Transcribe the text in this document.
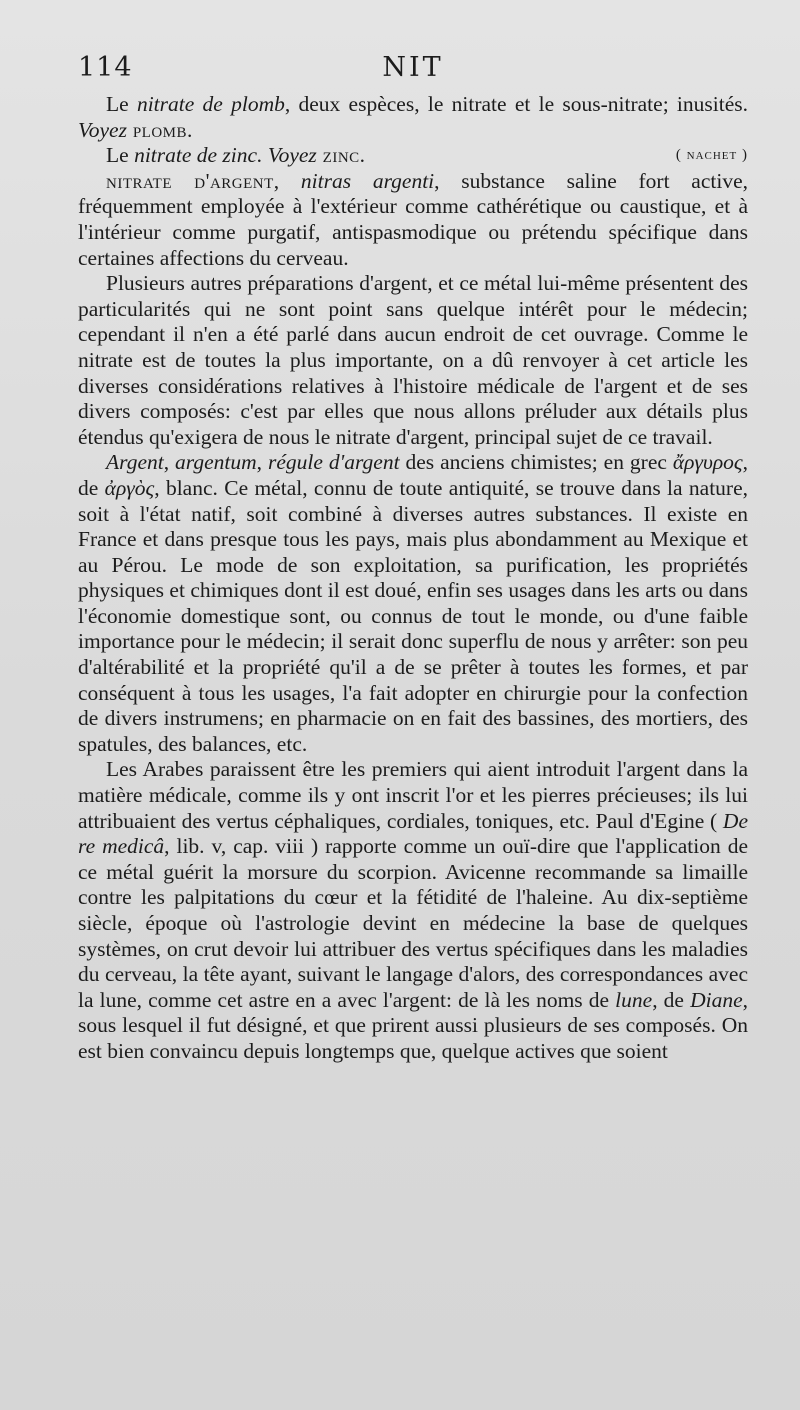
114	NIT

Le nitrate de plomb, deux espèces, le nitrate et le sous-nitrate; inusités. Voyez plomb.

Le nitrate de zinc. Voyez zinc.	( nachet )

nitrate d'argent, nitras argenti, substance saline fort active, fréquemment employée à l'extérieur comme cathérétique ou caustique, et à l'intérieur comme purgatif, antispasmodique ou prétendu spécifique dans certaines affections du cerveau.

Plusieurs autres préparations d'argent, et ce métal lui-même présentent des particularités qui ne sont point sans quelque intérêt pour le médecin; cependant il n'en a été parlé dans aucun endroit de cet ouvrage. Comme le nitrate est de toutes la plus importante, on a dû renvoyer à cet article les diverses considérations relatives à l'histoire médicale de l'argent et de ses divers composés: c'est par elles que nous allons préluder aux détails plus étendus qu'exigera de nous le nitrate d'argent, principal sujet de ce travail.

Argent, argentum, régule d'argent des anciens chimistes; en grec ἄργυρος, de ἀργὸς, blanc. Ce métal, connu de toute antiquité, se trouve dans la nature, soit à l'état natif, soit combiné à diverses autres substances. Il existe en France et dans presque tous les pays, mais plus abondamment au Mexique et au Pérou. Le mode de son exploitation, sa purification, les propriétés physiques et chimiques dont il est doué, enfin ses usages dans les arts ou dans l'économie domestique sont, ou connus de tout le monde, ou d'une faible importance pour le médecin; il serait donc superflu de nous y arrêter: son peu d'altérabilité et la propriété qu'il a de se prêter à toutes les formes, et par conséquent à tous les usages, l'a fait adopter en chirurgie pour la confection de divers instrumens; en pharmacie on en fait des bassines, des mortiers, des spatules, des balances, etc.

Les Arabes paraissent être les premiers qui aient introduit l'argent dans la matière médicale, comme ils y ont inscrit l'or et les pierres précieuses; ils lui attribuaient des vertus céphaliques, cordiales, toniques, etc. Paul d'Egine ( De re medicâ, lib. v, cap. viii ) rapporte comme un ouï-dire que l'application de ce métal guérit la morsure du scorpion. Avicenne recommande sa limaille contre les palpitations du cœur et la fétidité de l'haleine. Au dix-septième siècle, époque où l'astrologie devint en médecine la base de quelques systèmes, on crut devoir lui attribuer des vertus spécifiques dans les maladies du cerveau, la tête ayant, suivant le langage d'alors, des correspondances avec la lune, comme cet astre en a avec l'argent: de là les noms de lune, de Diane, sous lesquel il fut désigné, et que prirent aussi plusieurs de ses composés. On est bien convaincu depuis longtemps que, quelque actives que soient
